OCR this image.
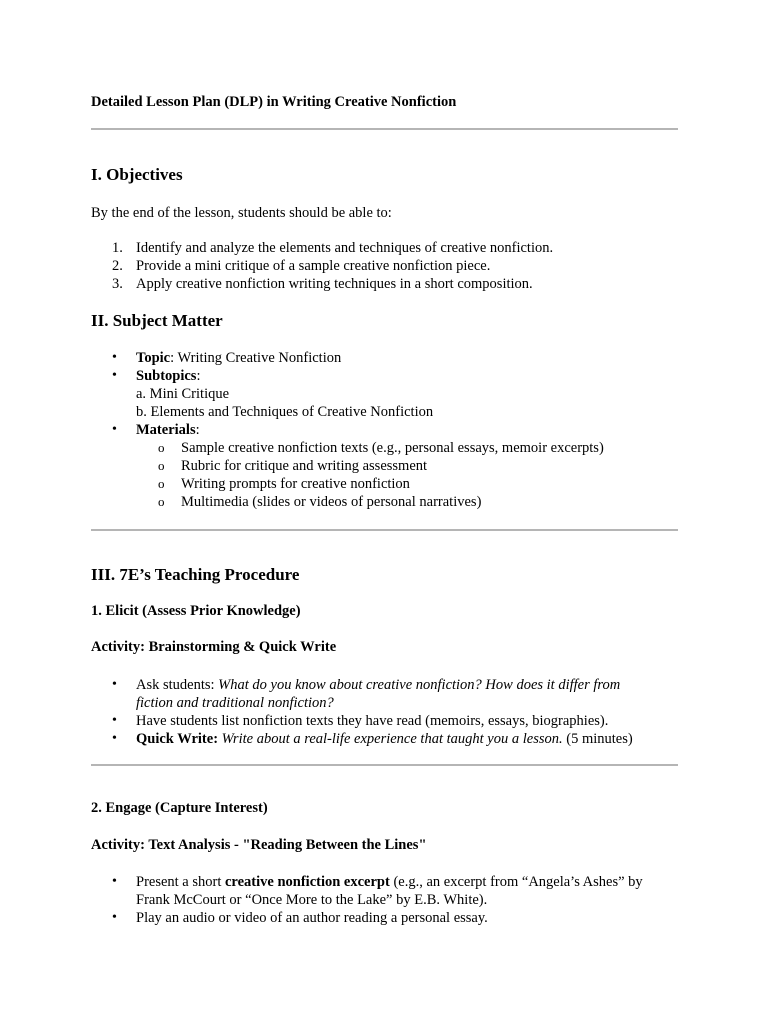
Detailed Lesson Plan (DLP) in Writing Creative Nonfiction
I. Objectives
By the end of the lesson, students should be able to:
1. Identify and analyze the elements and techniques of creative nonfiction.
2. Provide a mini critique of a sample creative nonfiction piece.
3. Apply creative nonfiction writing techniques in a short composition.
II. Subject Matter
• Topic: Writing Creative Nonfiction
• Subtopics:
a. Mini Critique
b. Elements and Techniques of Creative Nonfiction
• Materials:
o Sample creative nonfiction texts (e.g., personal essays, memoir excerpts)
o Rubric for critique and writing assessment
o Writing prompts for creative nonfiction
o Multimedia (slides or videos of personal narratives)
III. 7E’s Teaching Procedure
1. Elicit (Assess Prior Knowledge)
Activity: Brainstorming & Quick Write
• Ask students: What do you know about creative nonfiction? How does it differ from
fiction and traditional nonfiction?
• Have students list nonfiction texts they have read (memoirs, essays, biographies).
• Quick Write: Write about a real-life experience that taught you a lesson. (5 minutes)
2. Engage (Capture Interest)
Activity: Text Analysis - "Reading Between the Lines"
• Present a short creative nonfiction excerpt (e.g., an excerpt from “Angela’s Ashes” by
Frank McCourt or “Once More to the Lake” by E.B. White).
• Play an audio or video of an author reading a personal essay.
